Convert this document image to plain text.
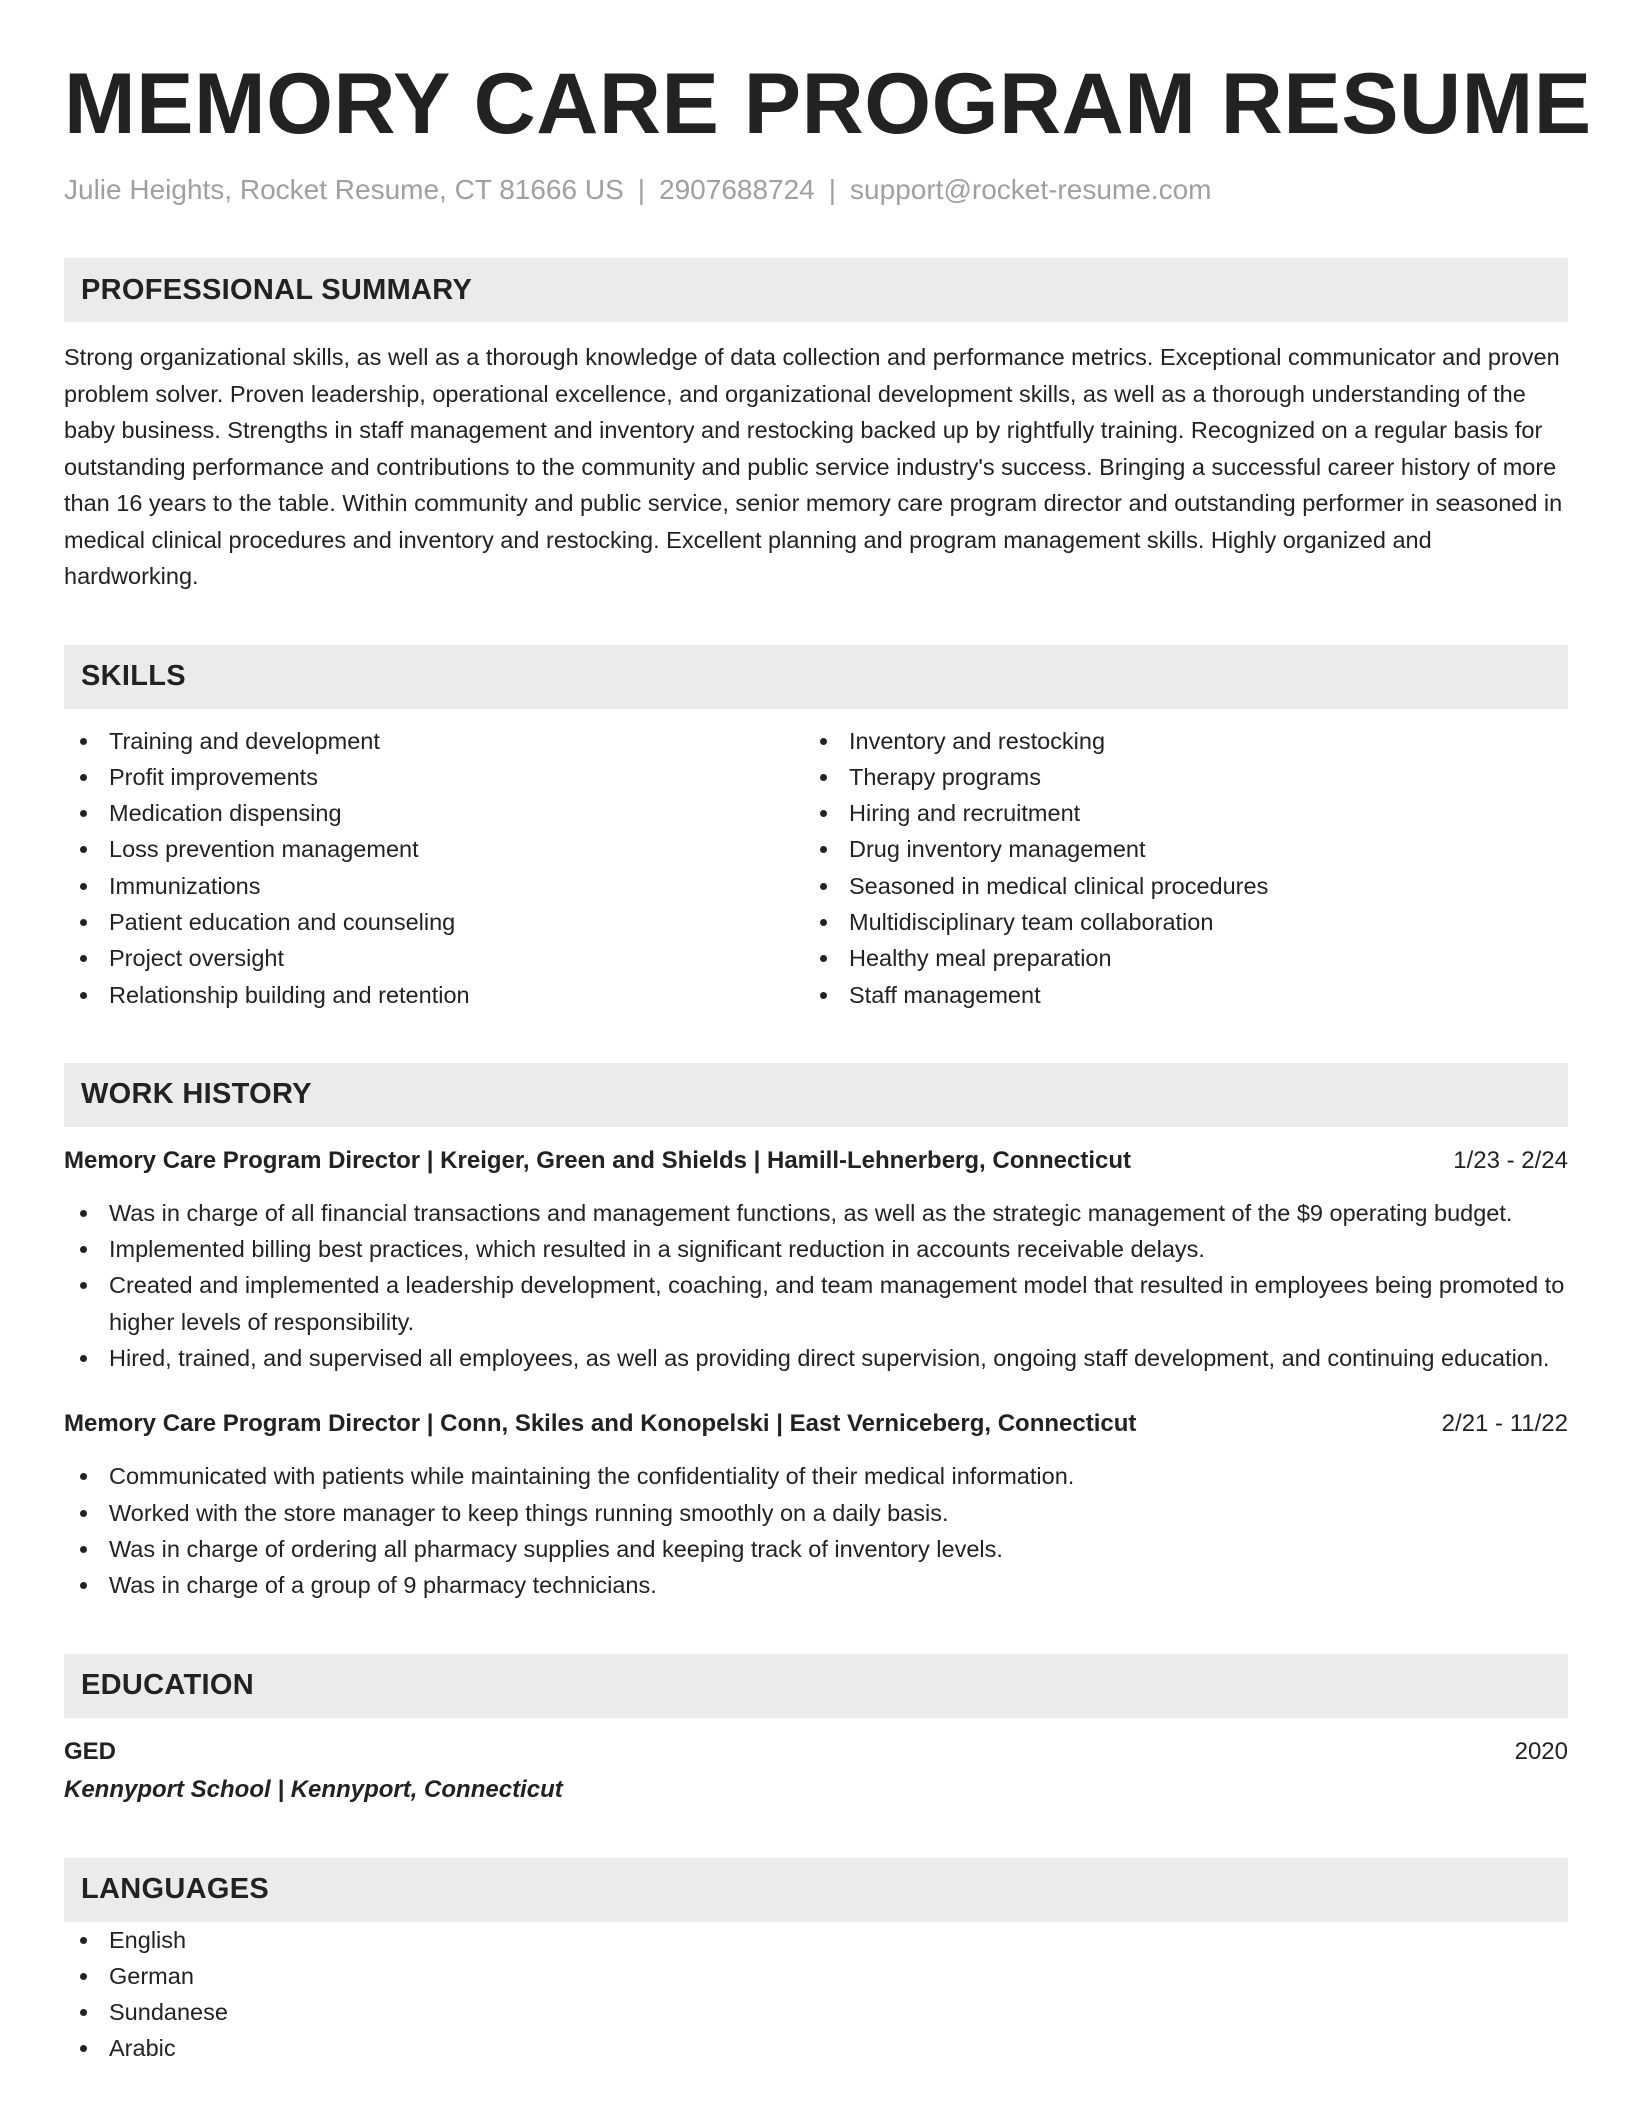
MEMORY CARE PROGRAM RESUME
Julie Heights, Rocket Resume, CT 81666 US | 2907688724 | support@rocket-resume.com
PROFESSIONAL SUMMARY
Strong organizational skills, as well as a thorough knowledge of data collection and performance metrics. Exceptional communicator and proven problem solver. Proven leadership, operational excellence, and organizational development skills, as well as a thorough understanding of the baby business. Strengths in staff management and inventory and restocking backed up by rightfully training. Recognized on a regular basis for outstanding performance and contributions to the community and public service industry's success. Bringing a successful career history of more than 16 years to the table. Within community and public service, senior memory care program director and outstanding performer in seasoned in medical clinical procedures and inventory and restocking. Excellent planning and program management skills. Highly organized and hardworking.
SKILLS
Training and development
Profit improvements
Medication dispensing
Loss prevention management
Immunizations
Patient education and counseling
Project oversight
Relationship building and retention
Inventory and restocking
Therapy programs
Hiring and recruitment
Drug inventory management
Seasoned in medical clinical procedures
Multidisciplinary team collaboration
Healthy meal preparation
Staff management
WORK HISTORY
Memory Care Program Director | Kreiger, Green and Shields | Hamill-Lehnerberg, Connecticut	1/23 - 2/24
Was in charge of all financial transactions and management functions, as well as the strategic management of the $9 operating budget.
Implemented billing best practices, which resulted in a significant reduction in accounts receivable delays.
Created and implemented a leadership development, coaching, and team management model that resulted in employees being promoted to higher levels of responsibility.
Hired, trained, and supervised all employees, as well as providing direct supervision, ongoing staff development, and continuing education.
Memory Care Program Director | Conn, Skiles and Konopelski | East Verniceberg, Connecticut	2/21 - 11/22
Communicated with patients while maintaining the confidentiality of their medical information.
Worked with the store manager to keep things running smoothly on a daily basis.
Was in charge of ordering all pharmacy supplies and keeping track of inventory levels.
Was in charge of a group of 9 pharmacy technicians.
EDUCATION
GED	2020
Kennyport School | Kennyport, Connecticut
LANGUAGES
English
German
Sundanese
Arabic
